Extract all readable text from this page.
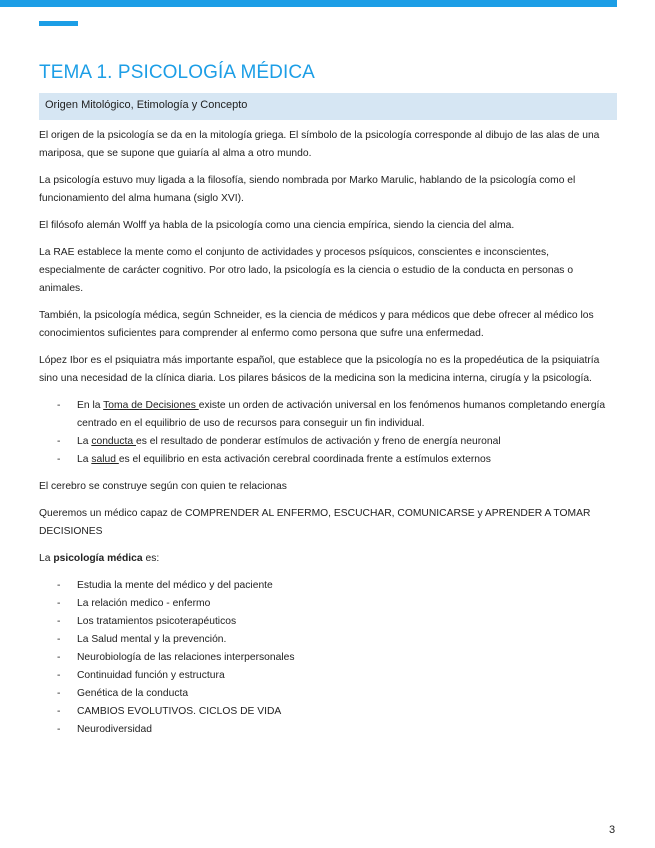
TEMA 1. PSICOLOGÍA MÉDICA
Origen Mitológico, Etimología y Concepto

El origen de la psicología se da en la mitología griega. El símbolo de la psicología corresponde al dibujo de las alas de una mariposa, que se supone que guiaría al alma a otro mundo.

La psicología estuvo muy ligada a la filosofía, siendo nombrada por Marko Marulic, hablando de la psicología como el funcionamiento del alma humana (siglo XVI).

El filósofo alemán Wolff ya habla de la psicología como una ciencia empírica, siendo la ciencia del alma.

La RAE establece la mente como el conjunto de actividades y procesos psíquicos, conscientes e inconscientes, especialmente de carácter cognitivo. Por otro lado, la psicología es la ciencia o estudio de la conducta en personas o animales.

También, la psicología médica, según Schneider, es la ciencia de médicos y para médicos que debe ofrecer al médico los conocimientos suficientes para comprender al enfermo como persona que sufre una enfermedad.

López Ibor es el psiquiatra más importante español, que establece que la psicología no es la propedéutica de la psiquiatría sino una necesidad de la clínica diaria. Los pilares básicos de la medicina son la medicina interna, cirugía y la psicología.

- En la Toma de Decisiones existe un orden de activación universal en los fenómenos humanos completando energía centrado en el equilibrio de uso de recursos para conseguir un fin individual.
- La conducta es el resultado de ponderar estímulos de activación y freno de energía neuronal
- La salud es el equilibrio en esta activación cerebral coordinada frente a estímulos externos

El cerebro se construye según con quien te relacionas

Queremos un médico capaz de COMPRENDER AL ENFERMO, ESCUCHAR, COMUNICARSE y APRENDER A TOMAR DECISIONES

La psicología médica es:

- Estudia la mente del médico y del paciente
- La relación medico - enfermo
- Los tratamientos psicoterapéuticos
- La Salud mental y la prevención.
- Neurobiología de las relaciones interpersonales
- Continuidad función y estructura
- Genética de la conducta
- CAMBIOS EVOLUTIVOS. CICLOS DE VIDA
- Neurodiversidad
3
